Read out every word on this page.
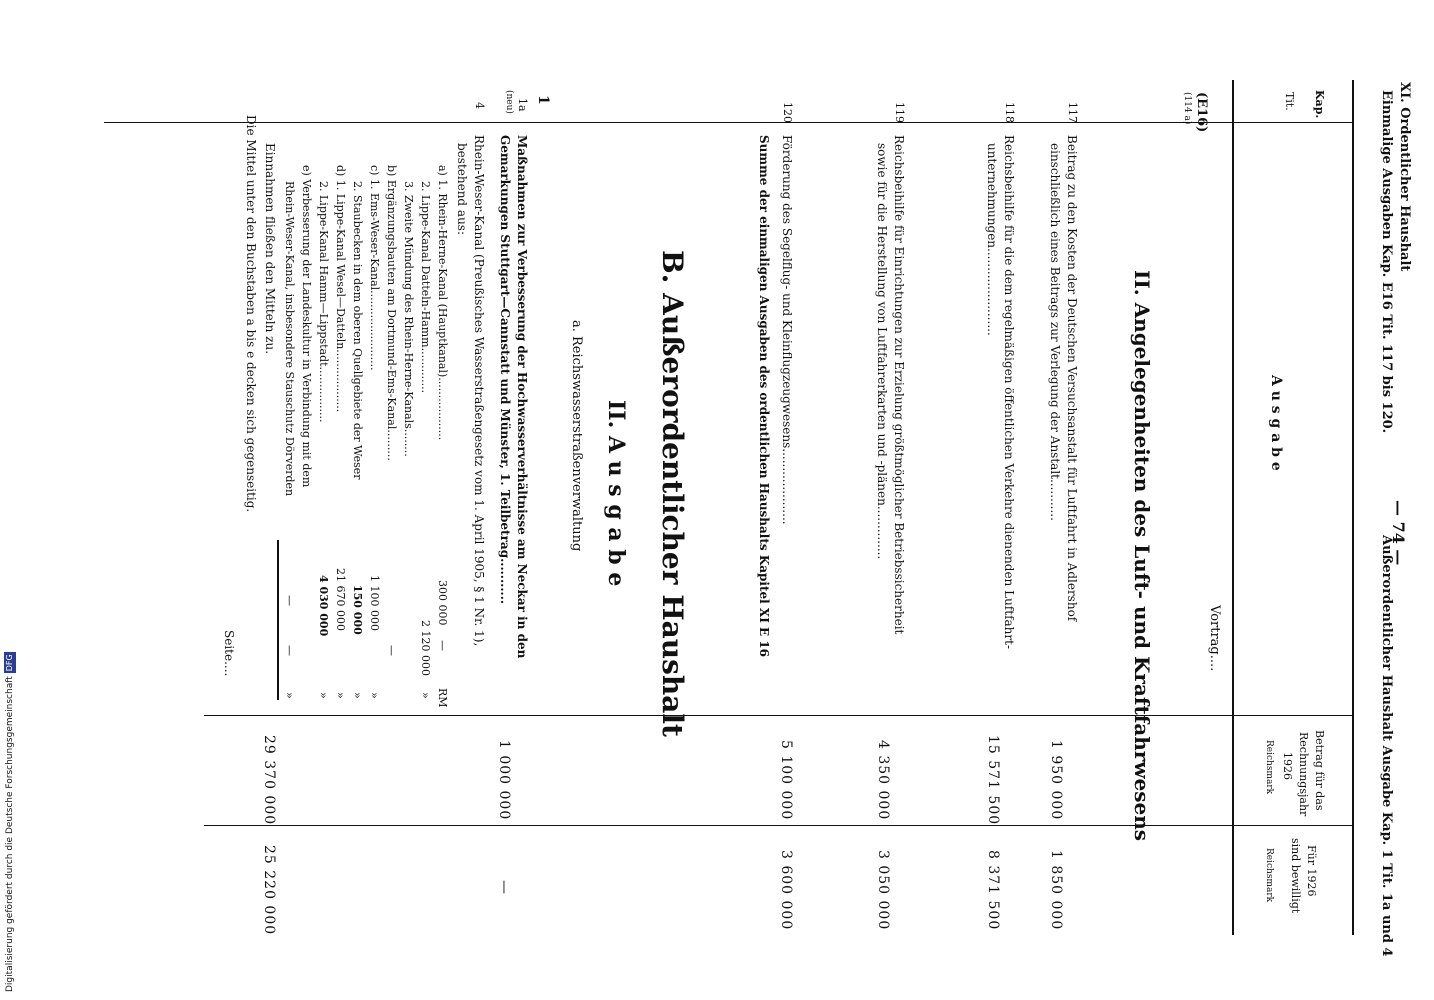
Digitalisierung gefördert durch die Deutsche ForschungsgemeinschaftDFG
XI. Ordentlicher Haushalt
Einmalige Ausgaben Kap. E16 Tit. 117 bis 120.
— 74 —
Außerordentlicher Haushalt Ausgabe Kap. 1 Tit. 1a und 4
Kap.
Tit.
A u s g a b e
Betrag für das
Rechnungsjahr
1926
Reichsmark
Für 1926
sind bewilligt
Reichsmark
Vortrag....
(E16)
(114 a)
II. Angelegenheiten des Luft- und Kraftfahrwesens
117
Beitrag zu den Kosten der Deutschen Versuchsanstalt für Luftfahrt in Adlershof
einschließlich eines Beitrags zur Verlegung der Anstalt...........
1 950 000
1 850 000
118
Reichsbeihilfe für die dem regelmäßigen öffentlichen Verkehre dienenden Luftfahrt-
unternehmungen.......................
15 571 500
8 371 500
119
Reichsbeihilfe für Einrichtungen zur Erzielung größtmöglicher Betriebssicherheit
sowie für die Herstellung von Luftfahrerkarten und -plänen..............
4 350 000
3 050 000
120
Förderung des Segelflug- und Kleinflugzeugwesens....................
5 100 000
3 600 000
Summe der einmaligen Ausgaben des ordentlichen Haushalts Kapitel XI E 16
B. Außerordentlicher Haushalt
II. A u s g a b e
a. Reichswasserstraßenverwaltung
1
1a
(neu)
Maßnahmen zur Verbesserung der Hochwasserverhältnisse am Neckar in den
Gemarkungen Stuttgart—Cannstatt und Münster, 1. Teilbetrag...........
1 000 000
—
4
Rhein-Weser-Kanal (Preußisches Wasserstraßengesetz vom 1. April 1905, § 1 Nr. 1),
bestehend aus:
a) 1. Rhein-Herne-Kanal (Hauptkanal)..................
300 000
—
RM
2. Lippe-Kanal Datteln-Hamm.............
2 120 000
»
3. Zweite Mündung des Rhein-Herne-Kanals........
b) Ergänzungsbauten am Dortmund-Ems-Kanal.........
—
c) 1. Ems-Weser-Kanal.......................
1 100 000
»
2. Staubecken in dem oberen Quellgebiete der Weser
150 000
»
d) 1. Lippe-Kanal Wesel—Datteln..................
21 670 000
»
2. Lippe-Kanal Hamm—Lippstadt................
4 030 000
»
e) Verbesserung der Landeskultur in Verbindung mit dem
Rhein-Weser-Kanal, insbesondere Stauschutz Dörverden
—
—
»
Einnahmen fließen den Mitteln zu.
29 370 000
25 220 000
Die Mittel unter den Buchstaben a bis e decken sich gegenseitig.
Seite....
